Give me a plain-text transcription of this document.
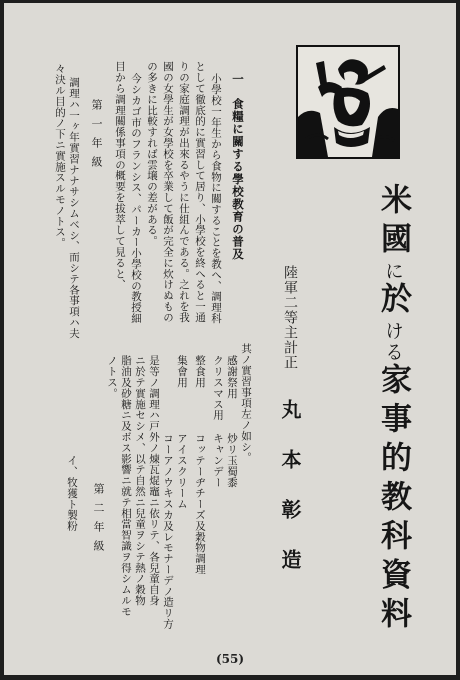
米國に於ける家事的教科資料
陸軍二等主計正
丸本彰造
其ノ實習事項左ノ如シ。
感謝祭用
炒リ玉蜀黍
クリスマス用
キャンデー
整食用
コッテーヂチーズ及穀物調理
集會用
アイスクリーム
コーアノウキスカ及レモナーデノ造リ方
是等ノ調理ハ戸外ノ煉瓦焜竈ニ依リテ、各兒童自身
ニ於テ實施セシメ、以テ自然ニ兒童ヲシテ熱ノ穀物
脂油及砂糖ニ及ボス影響ニ就テ相當智識ヲ得シムルモ
ノトス。
一　食糧に關する學校教育の普及
小學校一年生から食物に關することを教へ、調理科
として徹底的に實習して居り、小學校を終へると一通
りの家庭調理が出來るやうに仕組んである。之れを我
國の女學生が女學校を卒業して飯が完全に炊けぬもの
の多きに比較すれば雲壌の差がある。
今シカゴ市のフランシス、パーカー小學校の教授細
目から調理關係事項の概要を拔萃して見ると、
第一年級
調理ハ一ヶ年實習ナナサシムベシ、而シテ各事項ハ夫
々決ル目的ノ下ニ實施スルモノトス。
第二年級
イ、牧獲ト製粉
(55)
